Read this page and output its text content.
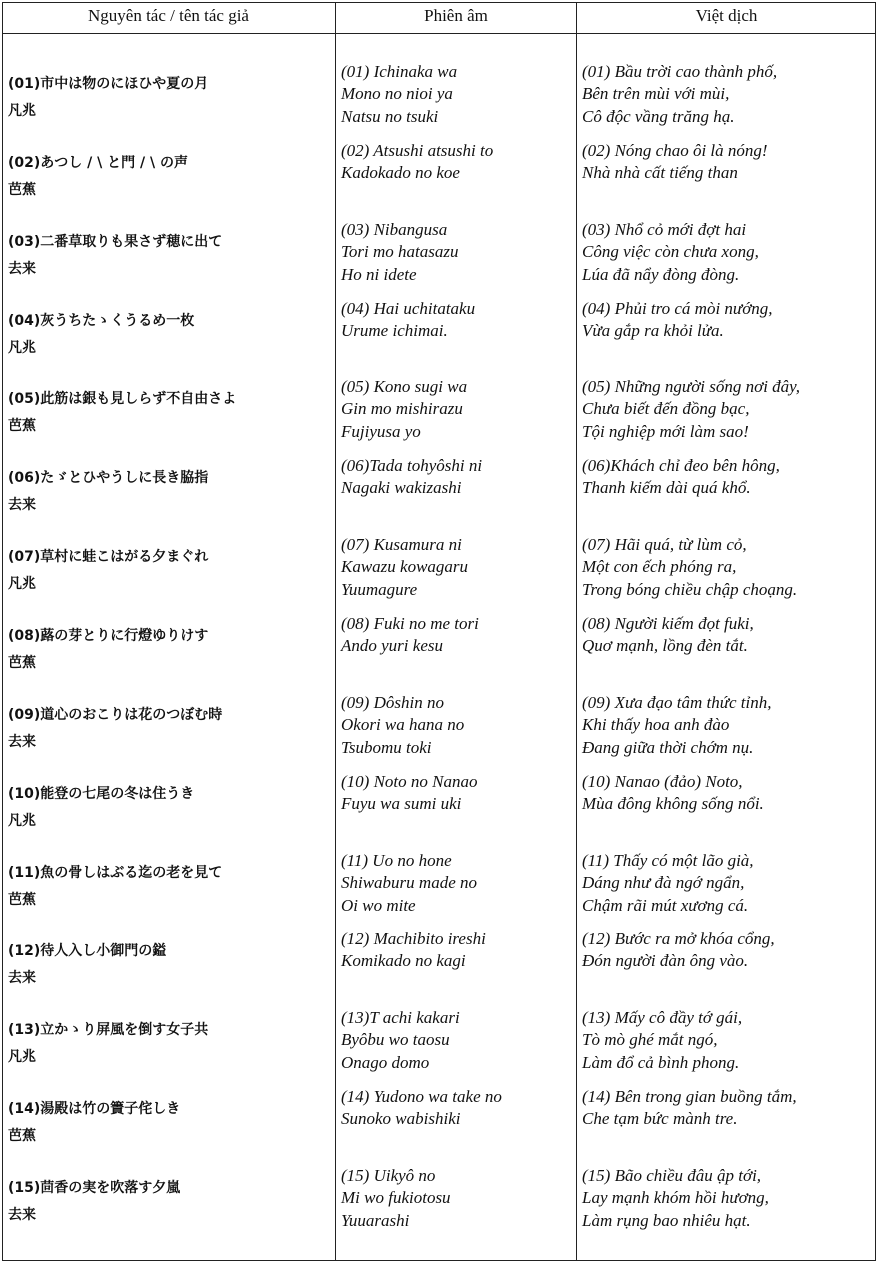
Nguyên tác / tên tác giả	Phiên âm	Việt dịch
(01)市中は物のにほひや夏の月
凡兆
(01) Ichinaka wa
Mono no nioi ya
Natsu no tsuki
(01) Bầu trời cao thành phố,
Bên trên mùi với mùi,
Cô độc vầng trăng hạ.
(02)あつし / \ と門 / \ の声
芭蕉
(02) Atsushi atsushi to
Kadokado no koe
(02) Nóng chao ôi là nóng!
Nhà nhà cất tiếng than
(03)二番草取りも果さず穂に出て
去来
(03) Nibangusa
Tori mo hatasazu
Ho ni idete
(03) Nhổ cỏ mới đợt hai
Công việc còn chưa xong,
Lúa đã nẩy đòng đòng.
(04)灰うちたゝくうるめ一枚
凡兆
(04) Hai uchitataku
Urume ichimai.
(04) Phủi tro cá mòi nướng,
Vừa gắp ra khỏi lửa.
(05)此筋は銀も見しらず不自由さよ
芭蕉
(05) Kono sugi wa
Gin mo mishirazu
Fujiyusa yo
(05) Những người sống nơi đây,
Chưa biết đến đồng bạc,
Tội nghiệp mới làm sao!
(06)たゞとひやうしに長き脇指
去来
(06)Tada tohyôshi ni
Nagaki wakizashi
(06)Khách chỉ đeo bên hông,
Thanh kiếm dài quá khổ.
(07)草村に蛙こはがる夕まぐれ
凡兆
(07) Kusamura ni
Kawazu kowagaru
Yuumagure
(07) Hãi quá, từ lùm cỏ,
Một con ếch phóng ra,
Trong bóng chiều chập choạng.
(08)蕗の芽とりに行燈ゆりけす
芭蕉
(08) Fuki no me tori
Ando yuri kesu
(08) Người kiếm đọt fuki,
Quơ mạnh, lồng đèn tắt.
(09)道心のおこりは花のつぼむ時
去来
(09) Dôshin no
Okori wa hana no
Tsubomu toki
(09) Xưa đạo tâm thức tỉnh,
Khi thấy hoa anh đào
Đang giữa thời chớm nụ.
(10)能登の七尾の冬は住うき
凡兆
(10) Noto no Nanao
Fuyu wa sumi uki
(10) Nanao (đảo) Noto,
Mùa đông không sống nổi.
(11)魚の骨しはぶる迄の老を見て
芭蕉
(11) Uo no hone
Shiwaburu made no
Oi wo mite
(11) Thấy có một lão già,
Dáng như đà ngớ ngẩn,
Chậm rãi mút xương cá.
(12)待人入し小御門の鎰
去来
(12) Machibito ireshi
Komikado no kagi
(12) Bước ra mở khóa cổng,
Đón người đàn ông vào.
(13)立かゝり屏風を倒す女子共
凡兆
(13)T achi kakari
Byôbu wo taosu
Onago domo
(13) Mấy cô đầy tớ gái,
Tò mò ghé mắt ngó,
Làm đổ cả bình phong.
(14)湯殿は竹の簀子侘しき
芭蕉
(14) Yudono wa take no
Sunoko wabishiki
(14) Bên trong gian buồng tắm,
Che tạm bức mành tre.
(15)茴香の実を吹落す夕嵐
去来
(15) Uikyô no
Mi wo fukiotosu
Yuuarashi
(15) Bão chiều đâu ập tới,
Lay mạnh khóm hồi hương,
Làm rụng bao nhiêu hạt.
